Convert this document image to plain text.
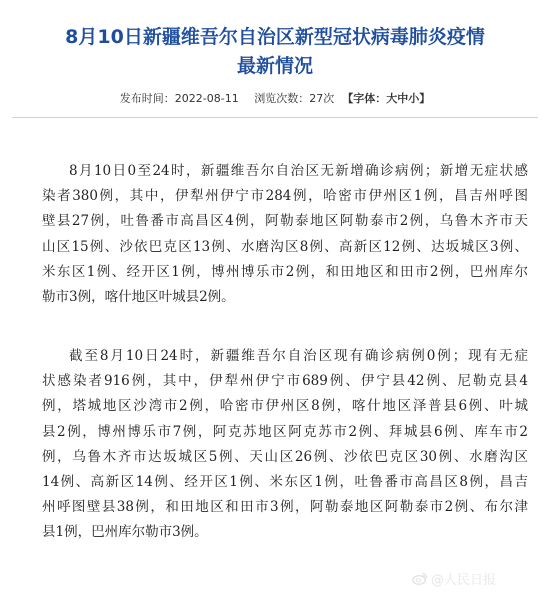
8月10日新疆维吾尔自治区新型冠状病毒肺炎疫情
最新情况
发布时间：2022-08-11 浏览次数：27次 【字体：大中小】
8月10日0至24时，新疆维吾尔自治区无新增确诊病例；新增无症状感
染者380例，其中，伊犁州伊宁市284例，哈密市伊州区1例，昌吉州呼图
壁县27例，吐鲁番市高昌区4例，阿勒泰地区阿勒泰市2例，乌鲁木齐市天
山区15例、沙依巴克区13例、水磨沟区8例、高新区12例、达坂城区3例、
米东区1例、经开区1例，博州博乐市2例，和田地区和田市2例，巴州库尔
勒市3例，喀什地区叶城县2例。
截至8月10日24时，新疆维吾尔自治区现有确诊病例0例；现有无症
状感染者916例，其中，伊犁州伊宁市689例、伊宁县42例、尼勒克县4
例，塔城地区沙湾市2例，哈密市伊州区8例，喀什地区泽普县6例、叶城
县2例，博州博乐市7例，阿克苏地区阿克苏市2例、拜城县6例、库车市2
例，乌鲁木齐市达坂城区5例、天山区26例、沙依巴克区30例、水磨沟区
14例、高新区14例、经开区1例、米东区1例，吐鲁番市高昌区8例，昌吉
州呼图壁县38例，和田地区和田市3例，阿勒泰地区阿勒泰市2例、布尔津
县1例，巴州库尔勒市3例。
@人民日报
